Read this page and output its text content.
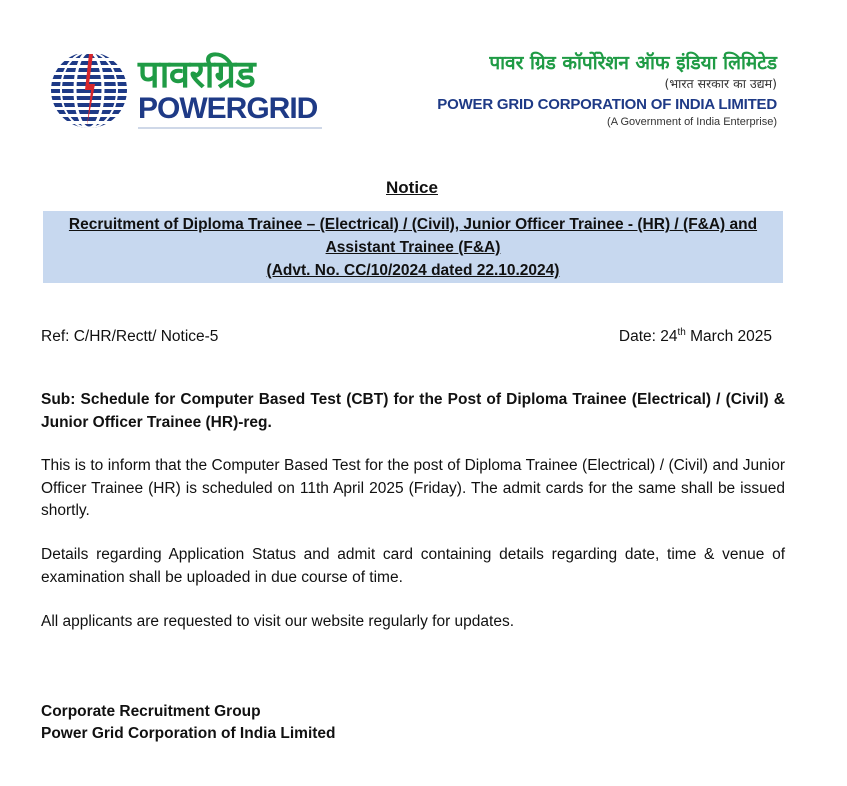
पावरग्रिड
POWERGRID
पावर ग्रिड कॉर्पोरेशन ऑफ इंडिया लिमिटेड
(भारत सरकार का उद्यम)
POWER GRID CORPORATION OF INDIA LIMITED
(A Government of India Enterprise)
Notice
Recruitment of Diploma Trainee – (Electrical) / (Civil), Junior Officer Trainee - (HR) / (F&A) and
Assistant Trainee (F&A)
(Advt. No. CC/10/2024 dated 22.10.2024)
Ref: C/HR/Rectt/ Notice-5	Date: 24th March 2025
Sub: Schedule for Computer Based Test (CBT) for the Post of Diploma Trainee (Electrical) / (Civil) & Junior Officer Trainee (HR)-reg.
This is to inform that the Computer Based Test for the post of Diploma Trainee (Electrical) / (Civil) and Junior Officer Trainee (HR) is scheduled on 11th April 2025 (Friday). The admit cards for the same shall be issued shortly.
Details regarding Application Status and admit card containing details regarding date, time & venue of examination shall be uploaded in due course of time.
All applicants are requested to visit our website regularly for updates.
Corporate Recruitment Group
Power Grid Corporation of India Limited
